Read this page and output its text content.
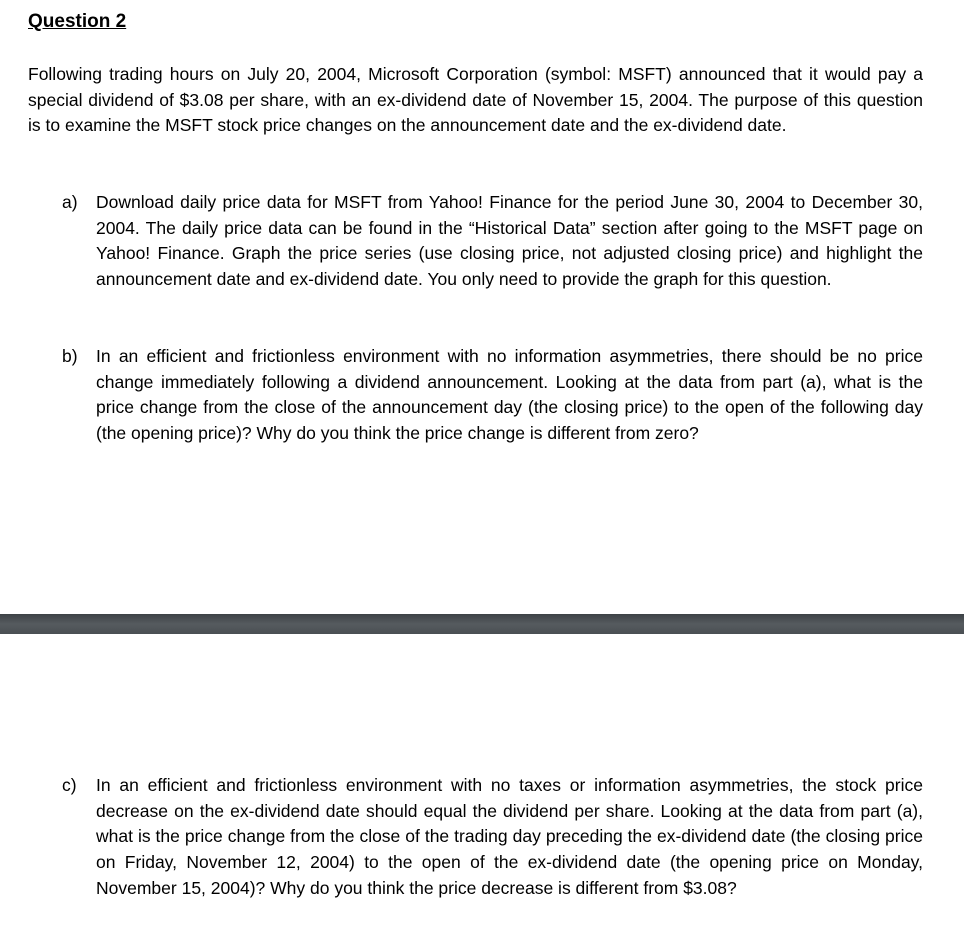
Question 2
Following trading hours on July 20, 2004, Microsoft Corporation (symbol: MSFT) announced that it would pay a special dividend of $3.08 per share, with an ex-dividend date of November 15, 2004. The purpose of this question is to examine the MSFT stock price changes on the announcement date and the ex-dividend date.
a)	Download daily price data for MSFT from Yahoo! Finance for the period June 30, 2004 to December 30, 2004. The daily price data can be found in the “Historical Data” section after going to the MSFT page on Yahoo! Finance. Graph the price series (use closing price, not adjusted closing price) and highlight the announcement date and ex-dividend date. You only need to provide the graph for this question.
b)	In an efficient and frictionless environment with no information asymmetries, there should be no price change immediately following a dividend announcement. Looking at the data from part (a), what is the price change from the close of the announcement day (the closing price) to the open of the following day (the opening price)? Why do you think the price change is different from zero?
c)	In an efficient and frictionless environment with no taxes or information asymmetries, the stock price decrease on the ex-dividend date should equal the dividend per share. Looking at the data from part (a), what is the price change from the close of the trading day preceding the ex-dividend date (the closing price on Friday, November 12, 2004) to the open of the ex-dividend date (the opening price on Monday, November 15, 2004)? Why do you think the price decrease is different from $3.08?
